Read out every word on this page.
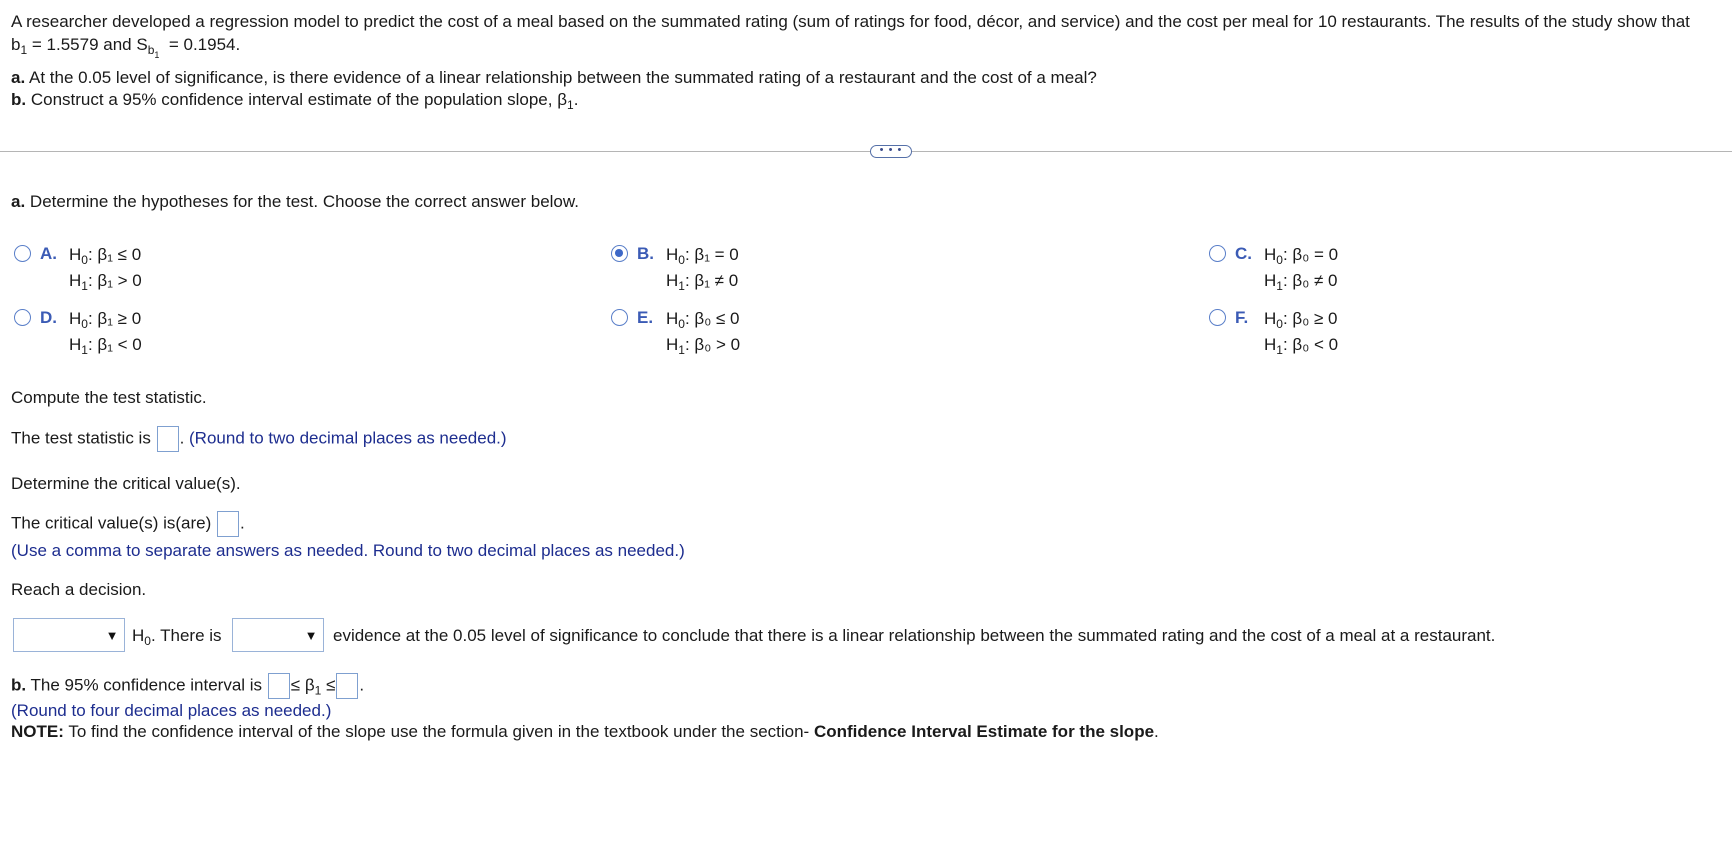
A researcher developed a regression model to predict the cost of a meal based on the summated rating (sum of ratings for food, décor, and service) and the cost per meal for 10 restaurants. The results of the study show that
$b_1 = 1.5579$ and $S_{b_1} = 0.1954$.
a. At the 0.05 level of significance, is there evidence of a linear relationship between the summated rating of a restaurant and the cost of a meal?
b. Construct a 95% confidence interval estimate of the population slope, $\beta_1$.
• • •
a. Determine the hypotheses for the test. Choose the correct answer below.
A. $H_0$: β₁ ≤ 0
$H_1$: β₁ > 0
B. $H_0$: β₁ = 0
$H_1$: β₁ ≠ 0
C. $H_0$: β₀ = 0
$H_1$: β₀ ≠ 0
D. $H_0$: β₁ ≥ 0
$H_1$: β₁ < 0
E. $H_0$: β₀ ≤ 0
$H_1$: β₀ > 0
F. $H_0$: β₀ ≥ 0
$H_1$: β₀ < 0
Compute the test statistic.
The test statistic is . (Round to two decimal places as needed.)
Determine the critical value(s).
The critical value(s) is(are) .
(Use a comma to separate answers as needed. Round to two decimal places as needed.)
Reach a decision.
▼ $H_0$. There is	▼ evidence at the 0.05 level of significance to conclude that there is a linear relationship between the summated rating and the cost of a meal at a restaurant.
b. The 95% confidence interval is ≤ $\beta_1$ ≤ .
(Round to four decimal places as needed.)
NOTE: To find the confidence interval of the slope use the formula given in the textbook under the section- Confidence Interval Estimate for the slope.
